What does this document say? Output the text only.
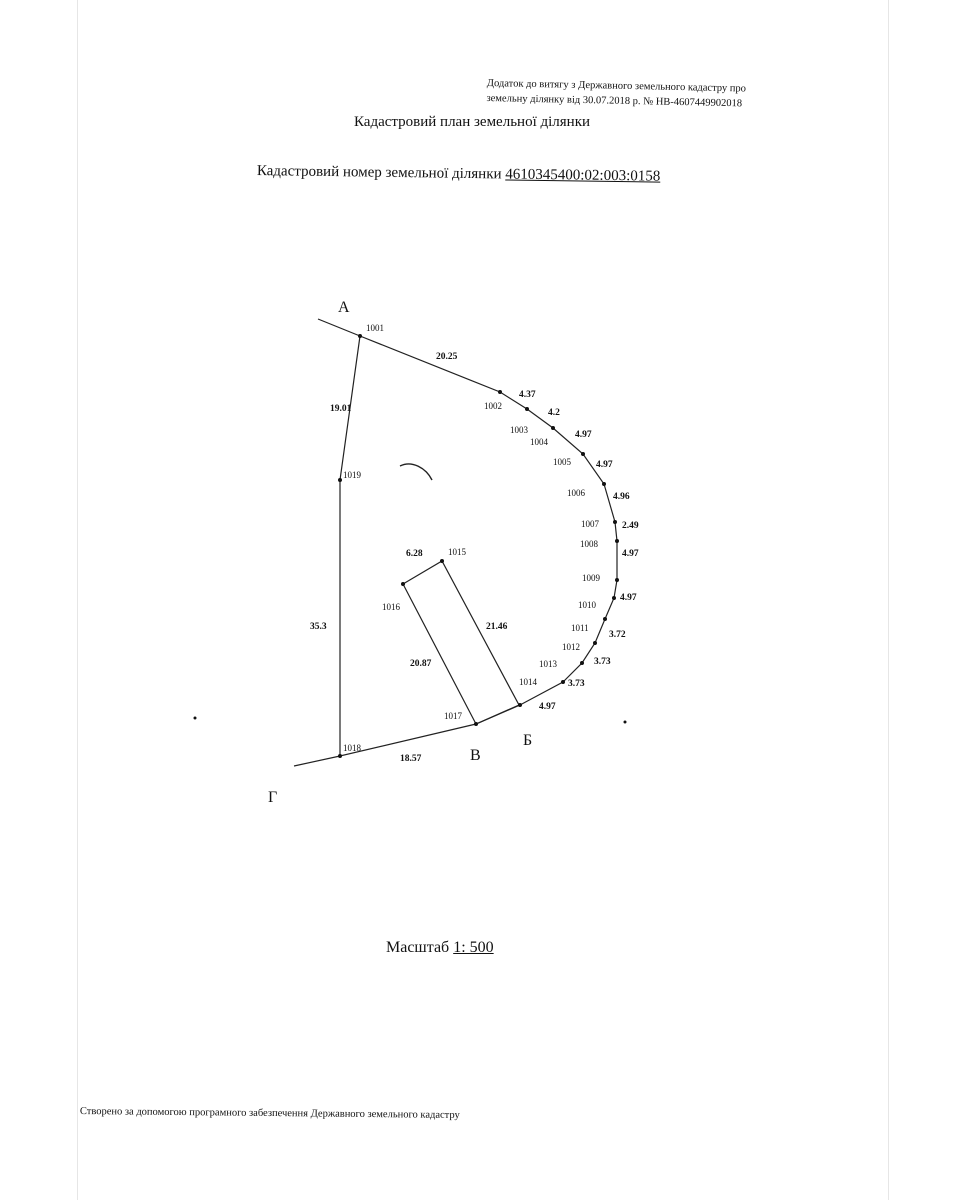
Додаток до витягу з Державного земельного кадастру про
земельну ділянку від 30.07.2018 р. № НВ-4607449902018
Кадастровий план земельної ділянки
Кадастровий номер земельної ділянки 4610345400:02:003:0158
А
Б
В
Г
1001
1002
1003
1004
1005
1006
1007
1008
1009
1010
1011
1012
1013
1014
1015
1016
1017
1018
1019
20.25
4.37
4.2
4.97
4.97
4.96
2.49
4.97
4.97
3.72
3.73
3.73
4.97
18.57
35.3
19.01
6.28
21.46
20.87
Масштаб 1: 500
Створено за допомогою програмного забезпечення Державного земельного кадастру
